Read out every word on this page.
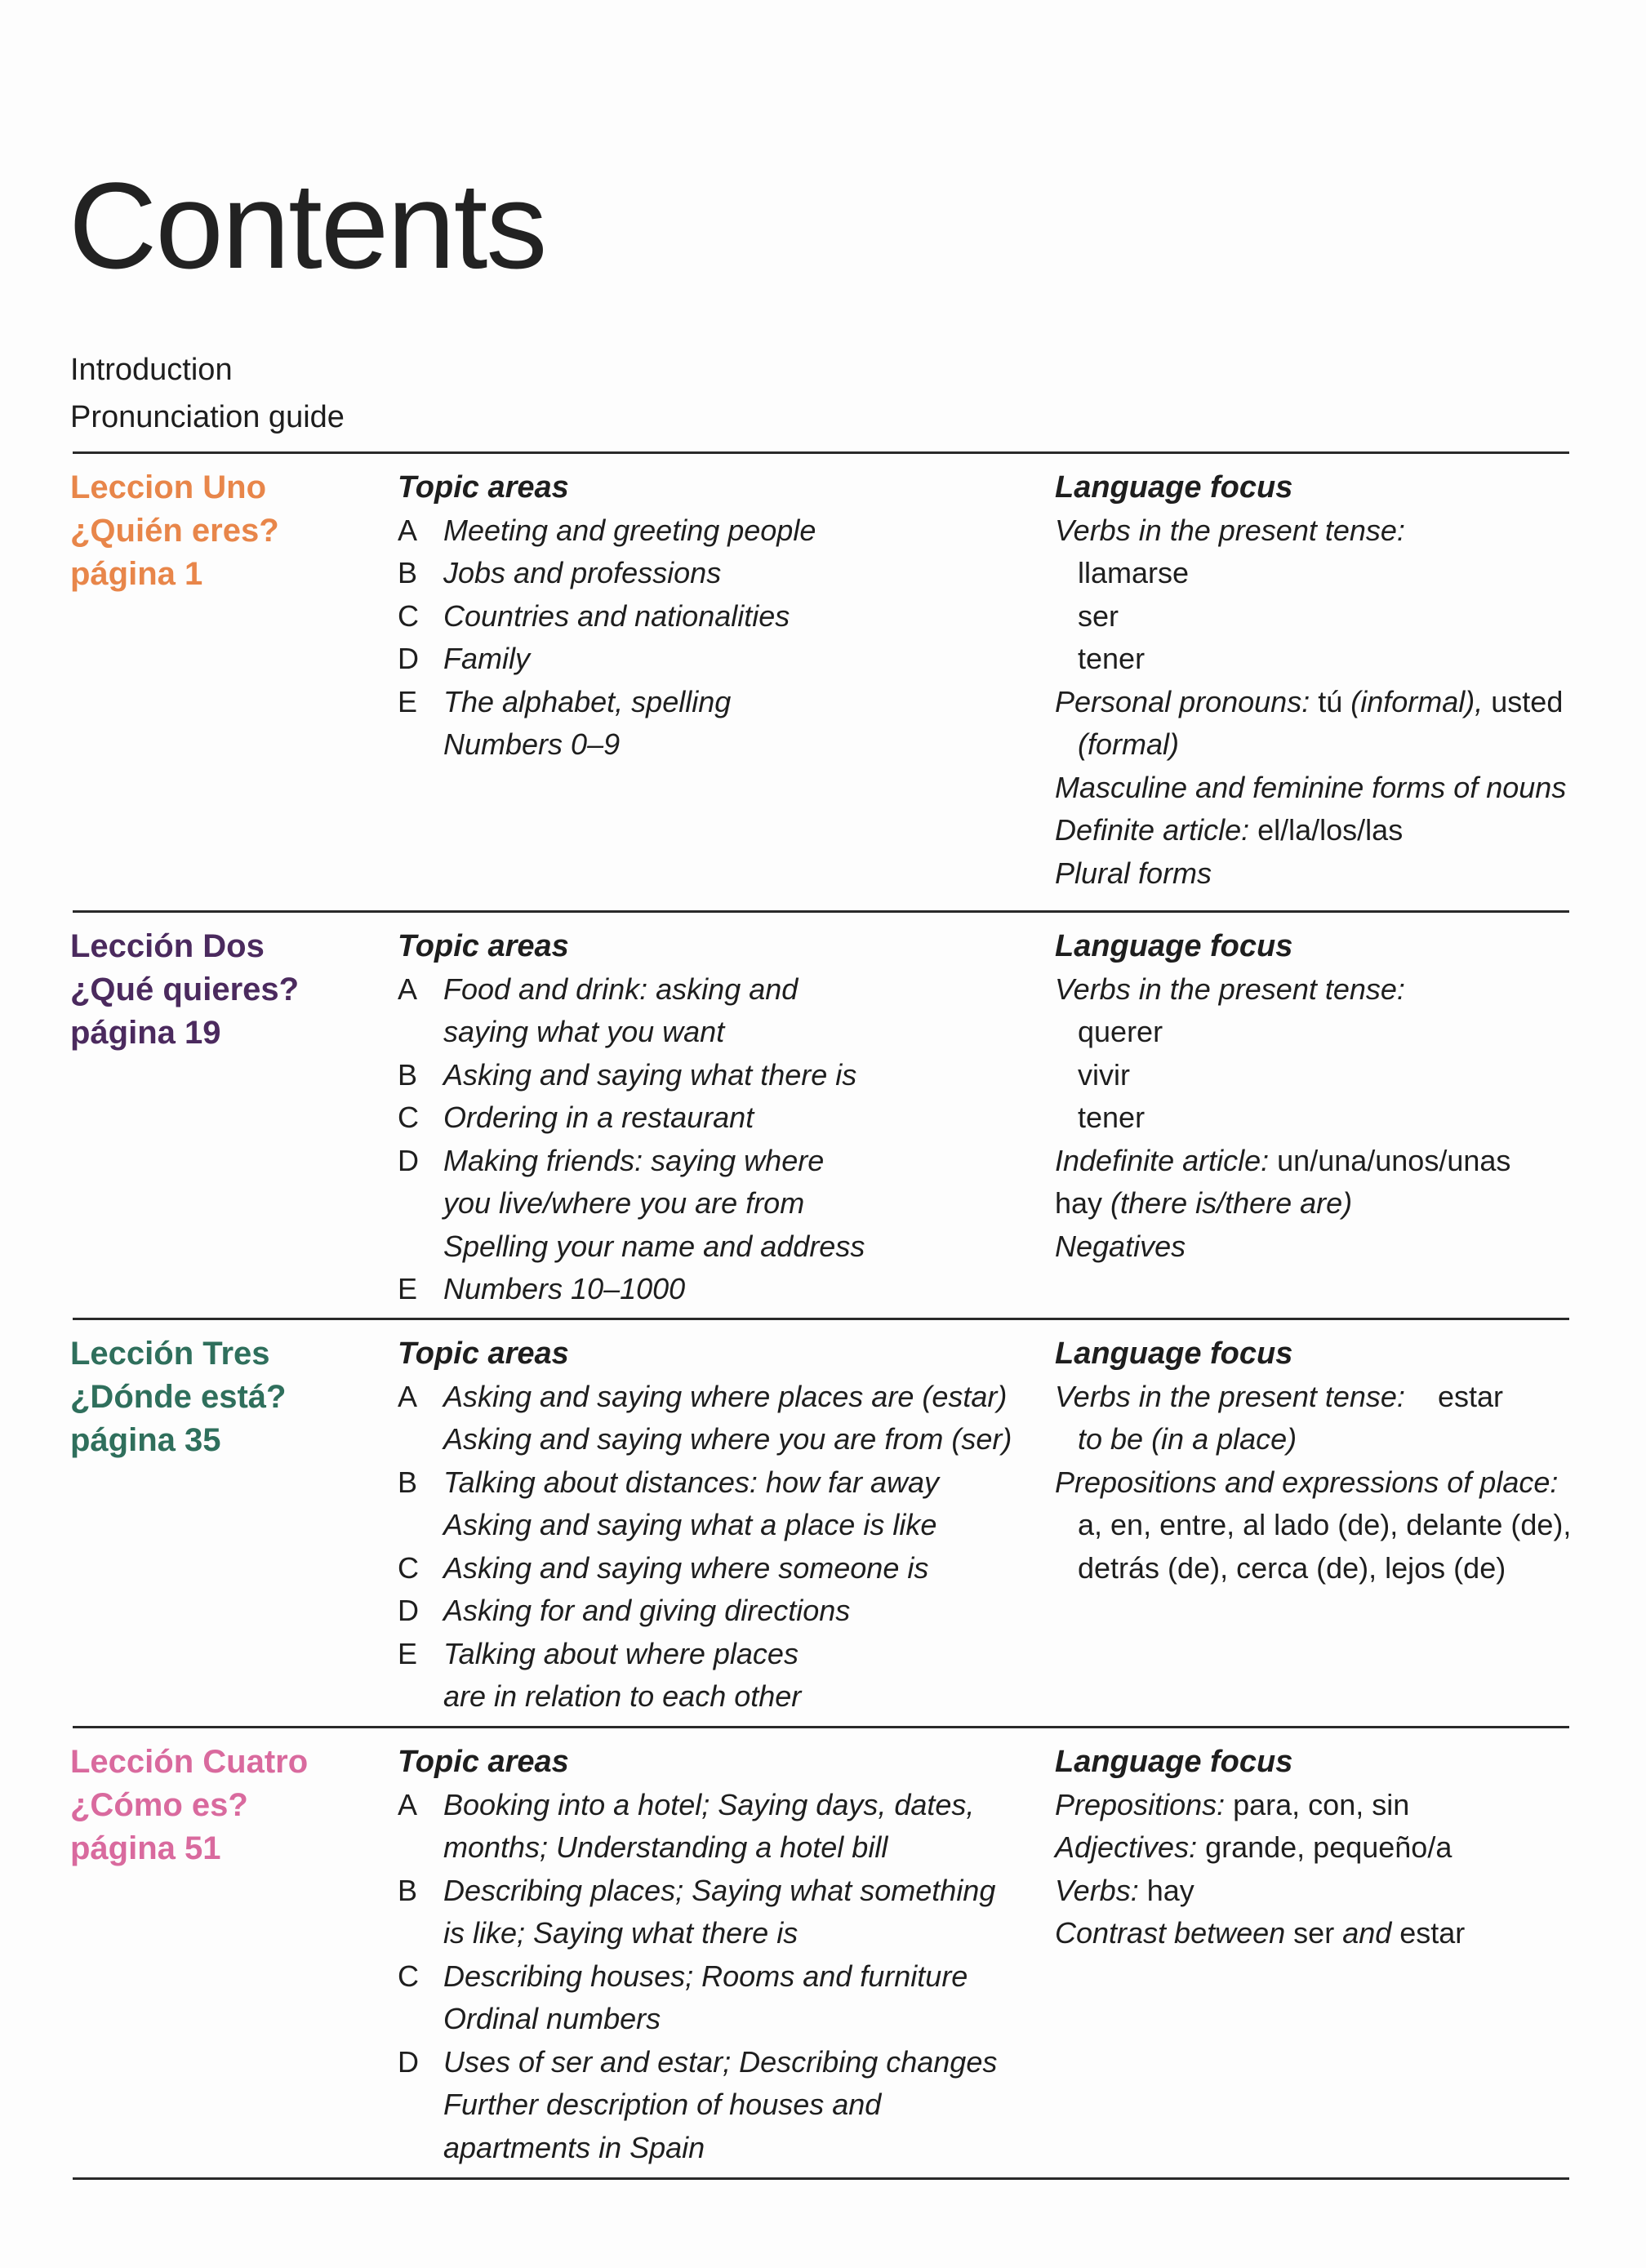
Contents
Introduction
Pronunciation guide
Leccion Uno
¿Quién eres?
página 1
Topic areas
A Meeting and greeting people
B Jobs and professions
C Countries and nationalities
D Family
E The alphabet, spelling
Numbers 0–9
Language focus
Verbs in the present tense:
llamarse
ser
tener
Personal pronouns: tú (informal), usted
(formal)
Masculine and feminine forms of nouns
Definite article: el/la/los/las
Plural forms
Lección Dos
¿Qué quieres?
página 19
Topic areas
A Food and drink: asking and
saying what you want
B Asking and saying what there is
C Ordering in a restaurant
D Making friends: saying where
you live/where you are from
Spelling your name and address
E Numbers 10–1000
Language focus
Verbs in the present tense:
querer
vivir
tener
Indefinite article: un/una/unos/unas
hay (there is/there are)
Negatives
Lección Tres
¿Dónde está?
página 35
Topic areas
A Asking and saying where places are (estar)
Asking and saying where you are from (ser)
B Talking about distances: how far away
Asking and saying what a place is like
C Asking and saying where someone is
D Asking for and giving directions
E Talking about where places
are in relation to each other
Language focus
Verbs in the present tense:    estar
to be (in a place)
Prepositions and expressions of place:
a, en, entre, al lado (de), delante (de),
detrás (de), cerca (de), lejos (de)
Lección Cuatro
¿Cómo es?
página 51
Topic areas
A Booking into a hotel; Saying days, dates,
months; Understanding a hotel bill
B Describing places; Saying what something
is like; Saying what there is
C Describing houses; Rooms and furniture
Ordinal numbers
D Uses of ser and estar; Describing changes
Further description of houses and
apartments in Spain
Language focus
Prepositions: para, con, sin
Adjectives: grande, pequeño/a
Verbs: hay
Contrast between ser and estar
